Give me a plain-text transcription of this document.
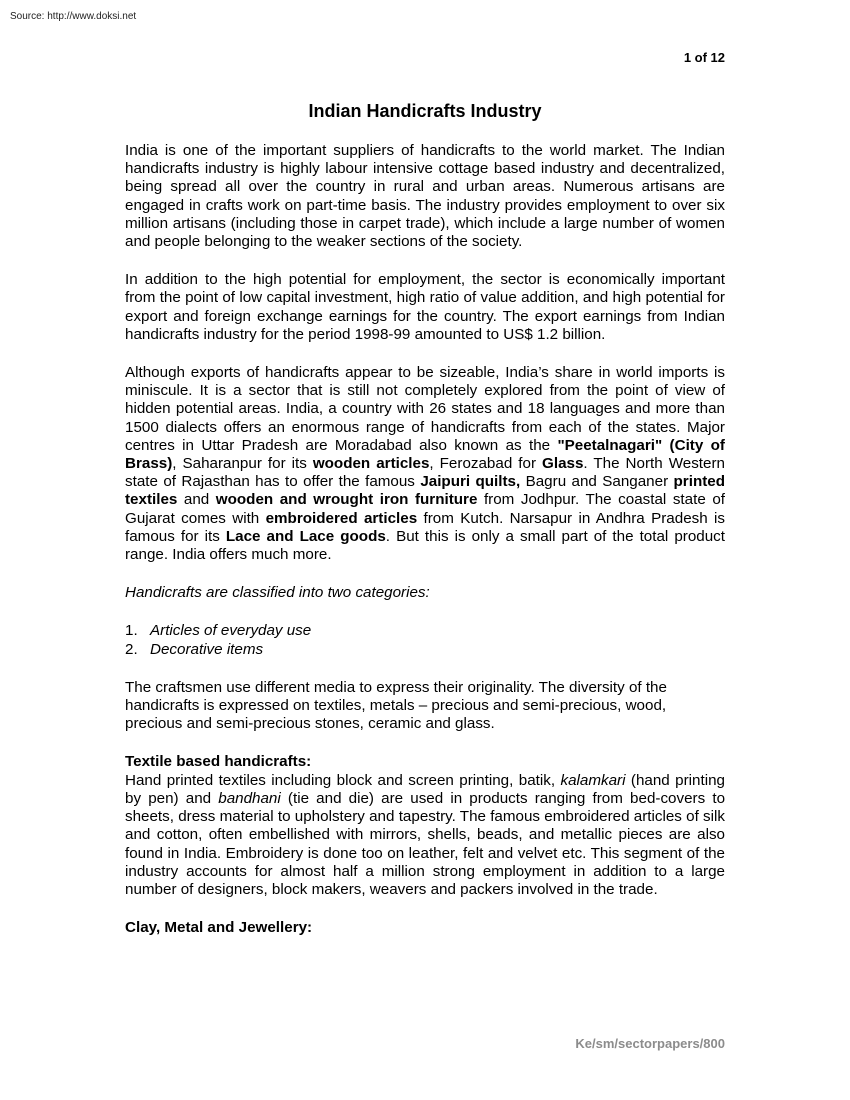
Source: http://www.doksi.net
1 of 12
Indian Handicrafts Industry

India is one of the important suppliers of handicrafts to the world market. The Indian handicrafts industry is highly labour intensive cottage based industry and decentralized, being spread all over the country in rural and urban areas. Numerous artisans are engaged in crafts work on part-time basis. The industry provides employment to over six million artisans (including those in carpet trade), which include a large number of women and people belonging to the weaker sections of the society.

In addition to the high potential for employment, the sector is economically important from the point of low capital investment, high ratio of value addition, and high potential for export and foreign exchange earnings for the country. The export earnings from Indian handicrafts industry for the period 1998-99 amounted to US$ 1.2 billion.

Although exports of handicrafts appear to be sizeable, India’s share in world imports is miniscule. It is a sector that is still not completely explored from the point of view of hidden potential areas. India, a country with 26 states and 18 languages and more than 1500 dialects offers an enormous range of handicrafts from each of the states. Major centres in Uttar Pradesh are Moradabad also known as the "Peetalnagari" (City of Brass), Saharanpur for its wooden articles, Ferozabad for Glass. The North Western state of Rajasthan has to offer the famous Jaipuri quilts, Bagru and Sanganer printed textiles and wooden and wrought iron furniture from Jodhpur. The coastal state of Gujarat comes with embroidered articles from Kutch. Narsapur in Andhra Pradesh is famous for its Lace and Lace goods. But this is only a small part of the total product range. India offers much more.

Handicrafts are classified into two categories:

1. Articles of everyday use
2. Decorative items

The craftsmen use different media to express their originality. The diversity of the handicrafts is expressed on textiles, metals – precious and semi-precious, wood, precious and semi-precious stones, ceramic and glass.

Textile based handicrafts:

Hand printed textiles including block and screen printing, batik, kalamkari (hand printing by pen) and bandhani (tie and die) are used in products ranging from bed-covers to sheets, dress material to upholstery and tapestry. The famous embroidered articles of silk and cotton, often embellished with mirrors, shells, beads, and metallic pieces are also found in India. Embroidery is done too on leather, felt and velvet etc. This segment of the industry accounts for almost half a million strong employment in addition to a large number of designers, block makers, weavers and packers involved in the trade.

Clay, Metal and Jewellery:

Ke/sm/sectorpapers/800
